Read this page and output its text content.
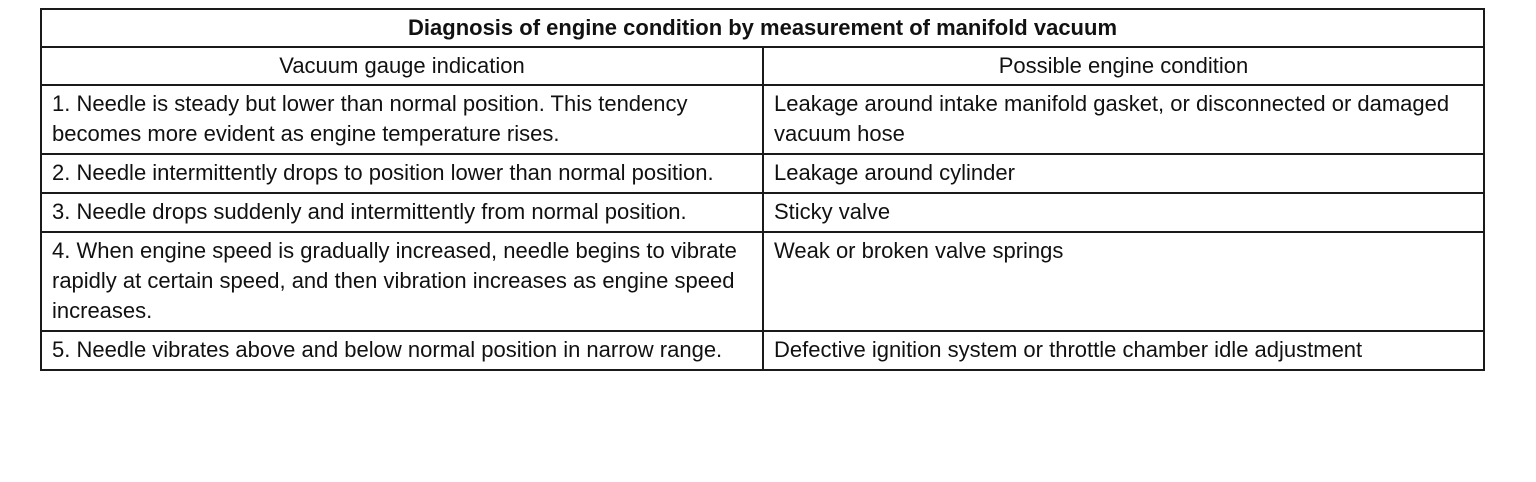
Diagnosis of engine condition by measurement of manifold vacuum	
Vacuum gauge indication	Possible engine condition
1. Needle is steady but lower than normal position. This tendency becomes more evident as engine temperature rises.	Leakage around intake manifold gasket, or disconnected or damaged vacuum hose
2. Needle intermittently drops to position lower than normal position.	Leakage around cylinder
3. Needle drops suddenly and intermittently from normal position.	Sticky valve
4. When engine speed is gradually increased, needle begins to vibrate rapidly at certain speed, and then vibration increases as engine speed increases.	Weak or broken valve springs
5. Needle vibrates above and below normal position in narrow range.	Defective ignition system or throttle chamber idle adjustment
